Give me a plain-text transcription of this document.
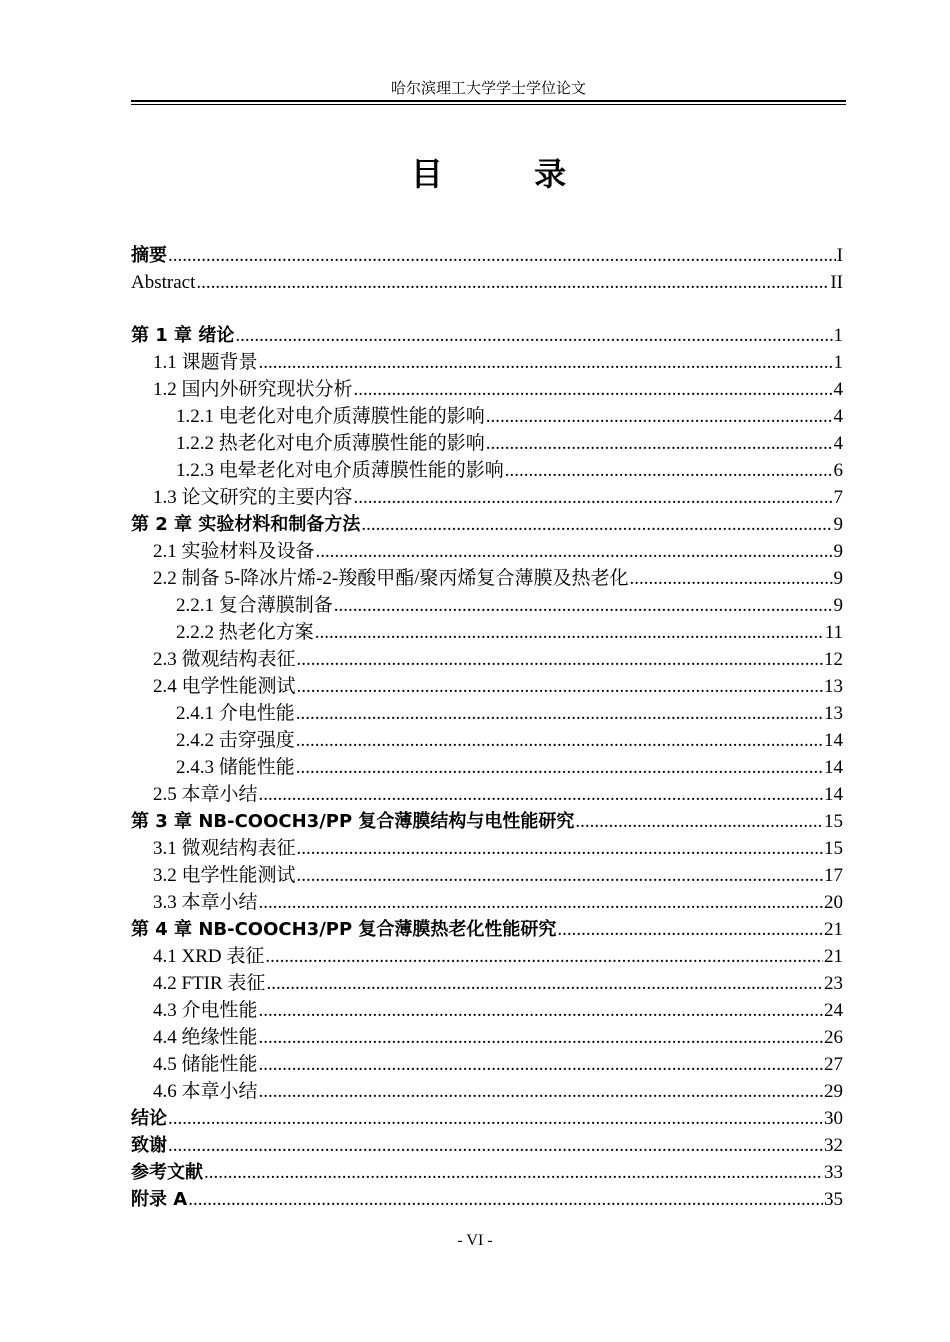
哈尔滨理工大学学士学位论文
目 录
摘要 .....	I
Abstract .....	II
第 1 章 绪论 .....	1
1.1 课题背景 .....	1
1.2 国内外研究现状分析 .....	4
1.2.1 电老化对电介质薄膜性能的影响 .....	4
1.2.2 热老化对电介质薄膜性能的影响 .....	4
1.2.3 电晕老化对电介质薄膜性能的影响 .....	6
1.3 论文研究的主要内容 .....	7
第 2 章 实验材料和制备方法 .....	9
2.1 实验材料及设备 .....	9
2.2 制备 5-降冰片烯-2-羧酸甲酯/聚丙烯复合薄膜及热老化 .....	9
2.2.1 复合薄膜制备 .....	9
2.2.2 热老化方案 .....	11
2.3 微观结构表征 .....	12
2.4 电学性能测试 .....	13
2.4.1 介电性能 .....	13
2.4.2 击穿强度 .....	14
2.4.3 储能性能 .....	14
2.5 本章小结 .....	14
第 3 章 NB-COOCH3/PP 复合薄膜结构与电性能研究 .....	15
3.1 微观结构表征 .....	15
3.2 电学性能测试 .....	17
3.3 本章小结 .....	20
第 4 章 NB-COOCH3/PP 复合薄膜热老化性能研究 .....	21
4.1 XRD 表征 .....	21
4.2 FTIR 表征 .....	23
4.3 介电性能 .....	24
4.4 绝缘性能 .....	26
4.5 储能性能 .....	27
4.6 本章小结 .....	29
结论 .....	30
致谢 .....	32
参考文献 .....	33
附录 A .....	35
- VI -
